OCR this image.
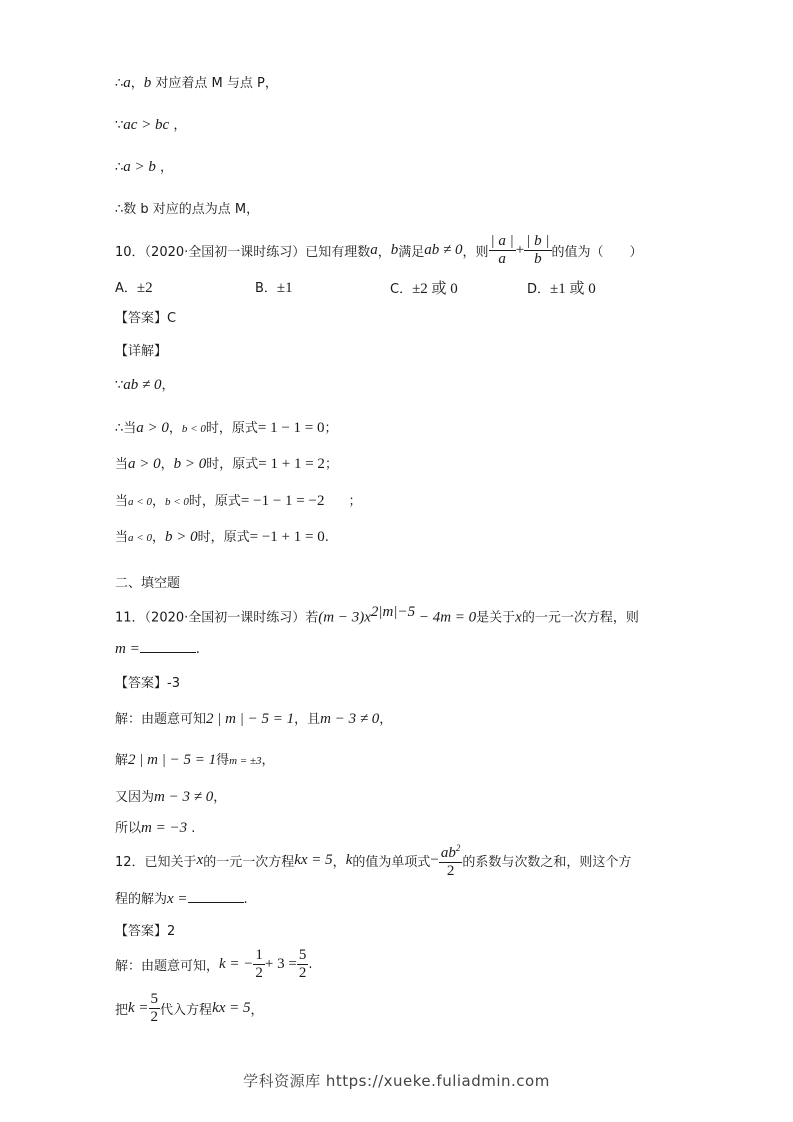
∴a，b 对应着点 M 与点 P，
∵ac > bc ，
∴a > b ，
∴数 b 对应的点为点 M，
10．（2020·全国初一课时练习）已知有理数 a ， b 满足 ab ≠ 0 ，则 $\frac{| a |}{a} + \frac{| b |}{b}$ 的值为（　　）
A．±2	B．±1	C．±2 或 0	D．±1 或 0
【答案】C
【详解】
∵ab ≠ 0，
∴当a > 0，b < 0时，原式= 1 − 1 = 0；
当a > 0，b > 0时，原式= 1 + 1 = 2；
当a < 0，b < 0时，原式= −1 − 1 = −2 ；
当a < 0，b > 0时，原式= −1 + 1 = 0.
二、填空题
11．（2020·全国初一课时练习）若$(m - 3)x^{2|m|-5} - 4m = 0$是关于x的一元一次方程，则
m =	.
【答案】-3
解：由题意可知2 | m | − 5 = 1，且m − 3 ≠ 0，
解2 | m | − 5 = 1得m = ±3，
又因为m − 3 ≠ 0，
所以m = −3 .
12．已知关于 x 的一元一次方程 kx = 5 ， k 的值为单项式 − $\frac{ab^2}{2}$ 的系数与次数之和，则这个方
程的解为x =	.
【答案】2
解：由题意可知， k = − $\frac{1}{2} + 3 = \frac{5}{2}$ .
把 $k = \frac{5}{2}$ 代入方程 kx = 5 ，
学科资源库 https://xueke.fuliadmin.com
